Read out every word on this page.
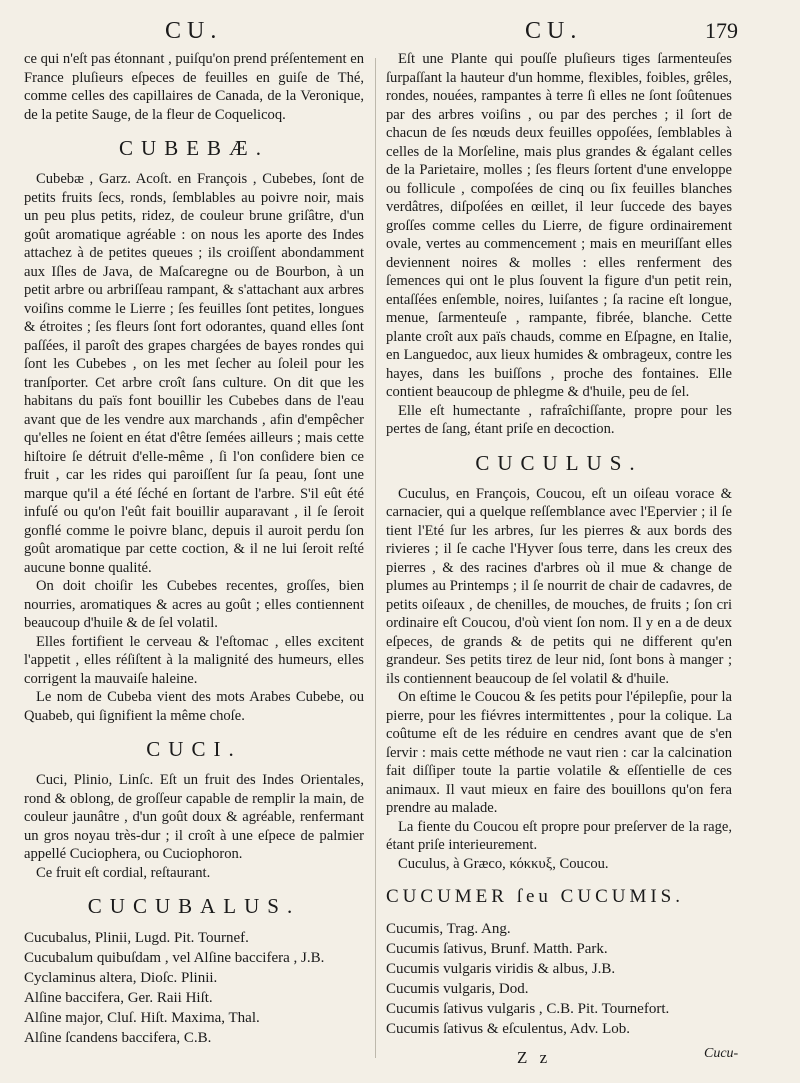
CU.	CU.	179

ce qui n'eſt pas étonnant , puiſqu'on prend préſentement en France pluſieurs eſpeces de feuilles en guiſe de Thé, comme celles des capillaires de Canada, de la Veronique, de la petite Sauge, de la fleur de Coquelicoq.

CUBEBÆ.

Cubebæ , Garz. Acoſt. en François , Cubebes, ſont de petits fruits ſecs, ronds, ſemblables au poivre noir, mais un peu plus petits, ridez, de couleur brune griſâtre, d'un goût aromatique agréable : on nous les aporte des Indes attachez à de petites queues ; ils croiſſent abondamment aux Iſles de Java, de Maſcaregne ou de Bourbon, à un petit arbre ou arbriſſeau rampant, & s'attachant aux arbres voiſins comme le Lierre ; ſes feuilles ſont petites, longues & étroites ; ſes fleurs ſont fort odorantes, quand elles ſont paſſées, il paroît des grapes chargées de bayes rondes qui ſont les Cubebes , on les met ſecher au ſoleil pour les tranſporter. Cet arbre croît ſans culture. On dit que les habitans du païs font bouillir les Cubebes dans de l'eau avant que de les vendre aux marchands , afin d'empêcher qu'elles ne ſoient en état d'être ſemées ailleurs ; mais cette hiſtoire ſe détruit d'elle-même , ſi l'on conſidere bien ce fruit , car les rides qui paroiſſent ſur ſa peau, ſont une marque qu'il a été ſéché en ſortant de l'arbre. S'il eût été infuſé ou qu'on l'eût fait bouillir auparavant , il ſe ſeroit gonflé comme le poivre blanc, depuis il auroit perdu ſon goût aromatique par cette coction, & il ne lui ſeroit reſté aucune bonne qualité.

On doit choiſir les Cubebes recentes, groſſes, bien nourries, aromatiques & acres au goût ; elles contiennent beaucoup d'huile & de ſel volatil.

Elles fortifient le cerveau & l'eſtomac , elles excitent l'appetit , elles réſiſtent à la malignité des humeurs, elles corrigent la mauvaiſe haleine.

Le nom de Cubeba vient des mots Arabes Cubebe, ou Quabeb, qui ſignifient la même choſe.

CUCI.

Cuci, Plinio, Linſc. Eſt un fruit des Indes Orientales, rond & oblong, de groſſeur capable de remplir la main, de couleur jaunâtre , d'un goût doux & agréable, renfermant un gros noyau très-dur ; il croît à une eſpece de palmier appellé Cuciophera, ou Cuciophoron.

Ce fruit eſt cordial, reſtaurant.

CUCUBALUS.

Cucubalus, Plinii, Lugd. Pit. Tournef.

Cucubalum quibuſdam , vel Alſine baccifera , J.B.

Cyclaminus altera, Dioſc. Plinii.

Alſine baccifera, Ger. Raii Hiſt.

Alſine major, Cluſ. Hiſt. Maxima, Thal.

Alſine ſcandens baccifera, C.B.

Eſt une Plante qui pouſſe pluſieurs tiges ſarmenteuſes ſurpaſſant la hauteur d'un homme, flexibles, foibles, grêles, rondes, nouées, rampantes à terre ſi elles ne ſont ſoûtenues par des arbres voiſins , ou par des perches ; il ſort de chacun de ſes nœuds deux feuilles oppoſées, ſemblables à celles de la Morſeline, mais plus grandes & égalant celles de la Parietaire, molles ; ſes fleurs ſortent d'une enveloppe ou follicule , compoſées de cinq ou ſix feuilles blanches verdâtres, diſpoſées en œillet, il leur ſuccede des bayes groſſes comme celles du Lierre, de figure ordinairement ovale, vertes au commencement ; mais en meuriſſant elles deviennent noires & molles : elles renferment des ſemences qui ont le plus ſouvent la figure d'un petit rein, entaſſées enſemble, noires, luiſantes ; ſa racine eſt longue, menue, ſarmenteuſe , rampante, fibrée, blanche. Cette plante croît aux païs chauds, comme en Eſpagne, en Italie, en Languedoc, aux lieux humides & ombrageux, contre les hayes, dans les buiſſons , proche des fontaines. Elle contient beaucoup de phlegme & d'huile, peu de ſel.

Elle eſt humectante , rafraîchiſſante, propre pour les pertes de ſang, étant priſe en decoction.

CUCULUS.

Cuculus, en François, Coucou, eſt un oiſeau vorace & carnacier, qui a quelque reſſemblance avec l'Epervier ; il ſe tient l'Eté ſur les arbres, ſur les pierres & aux bords des rivieres ; il ſe cache l'Hyver ſous terre, dans les creux des pierres , & des racines d'arbres où il mue & change de plumes au Printemps ; il ſe nourrit de chair de cadavres, de petits oiſeaux , de chenilles, de mouches, de fruits ; ſon cri ordinaire eſt Coucou, d'où vient ſon nom. Il y en a de deux eſpeces, de grands & de petits qui ne different qu'en grandeur. Ses petits tirez de leur nid, ſont bons à manger ; ils contiennent beaucoup de ſel volatil & d'huile.

On eſtime le Coucou & ſes petits pour l'épilepſie, pour la pierre, pour les fiévres intermittentes , pour la colique. La coûtume eſt de les réduire en cendres avant que de s'en ſervir : mais cette méthode ne vaut rien : car la calcination fait diſſiper toute la partie volatile & eſſentielle de ces animaux. Il vaut mieux en faire des bouillons qu'on fera prendre au malade.

La fiente du Coucou eſt propre pour preſerver de la rage, étant priſe interieurement.

Cuculus, à Græco, κόκκυξ, Coucou.

CUCUMER ſeu CUCUMIS.

Cucumis, Trag. Ang.

Cucumis ſativus, Brunf. Matth. Park.

Cucumis vulgaris viridis & albus, J.B.

Cucumis vulgaris, Dod.

Cucumis ſativus vulgaris , C.B. Pit. Tournefort.

Cucumis ſativus & eſculentus, Adv. Lob.

Z z	Cucu-
